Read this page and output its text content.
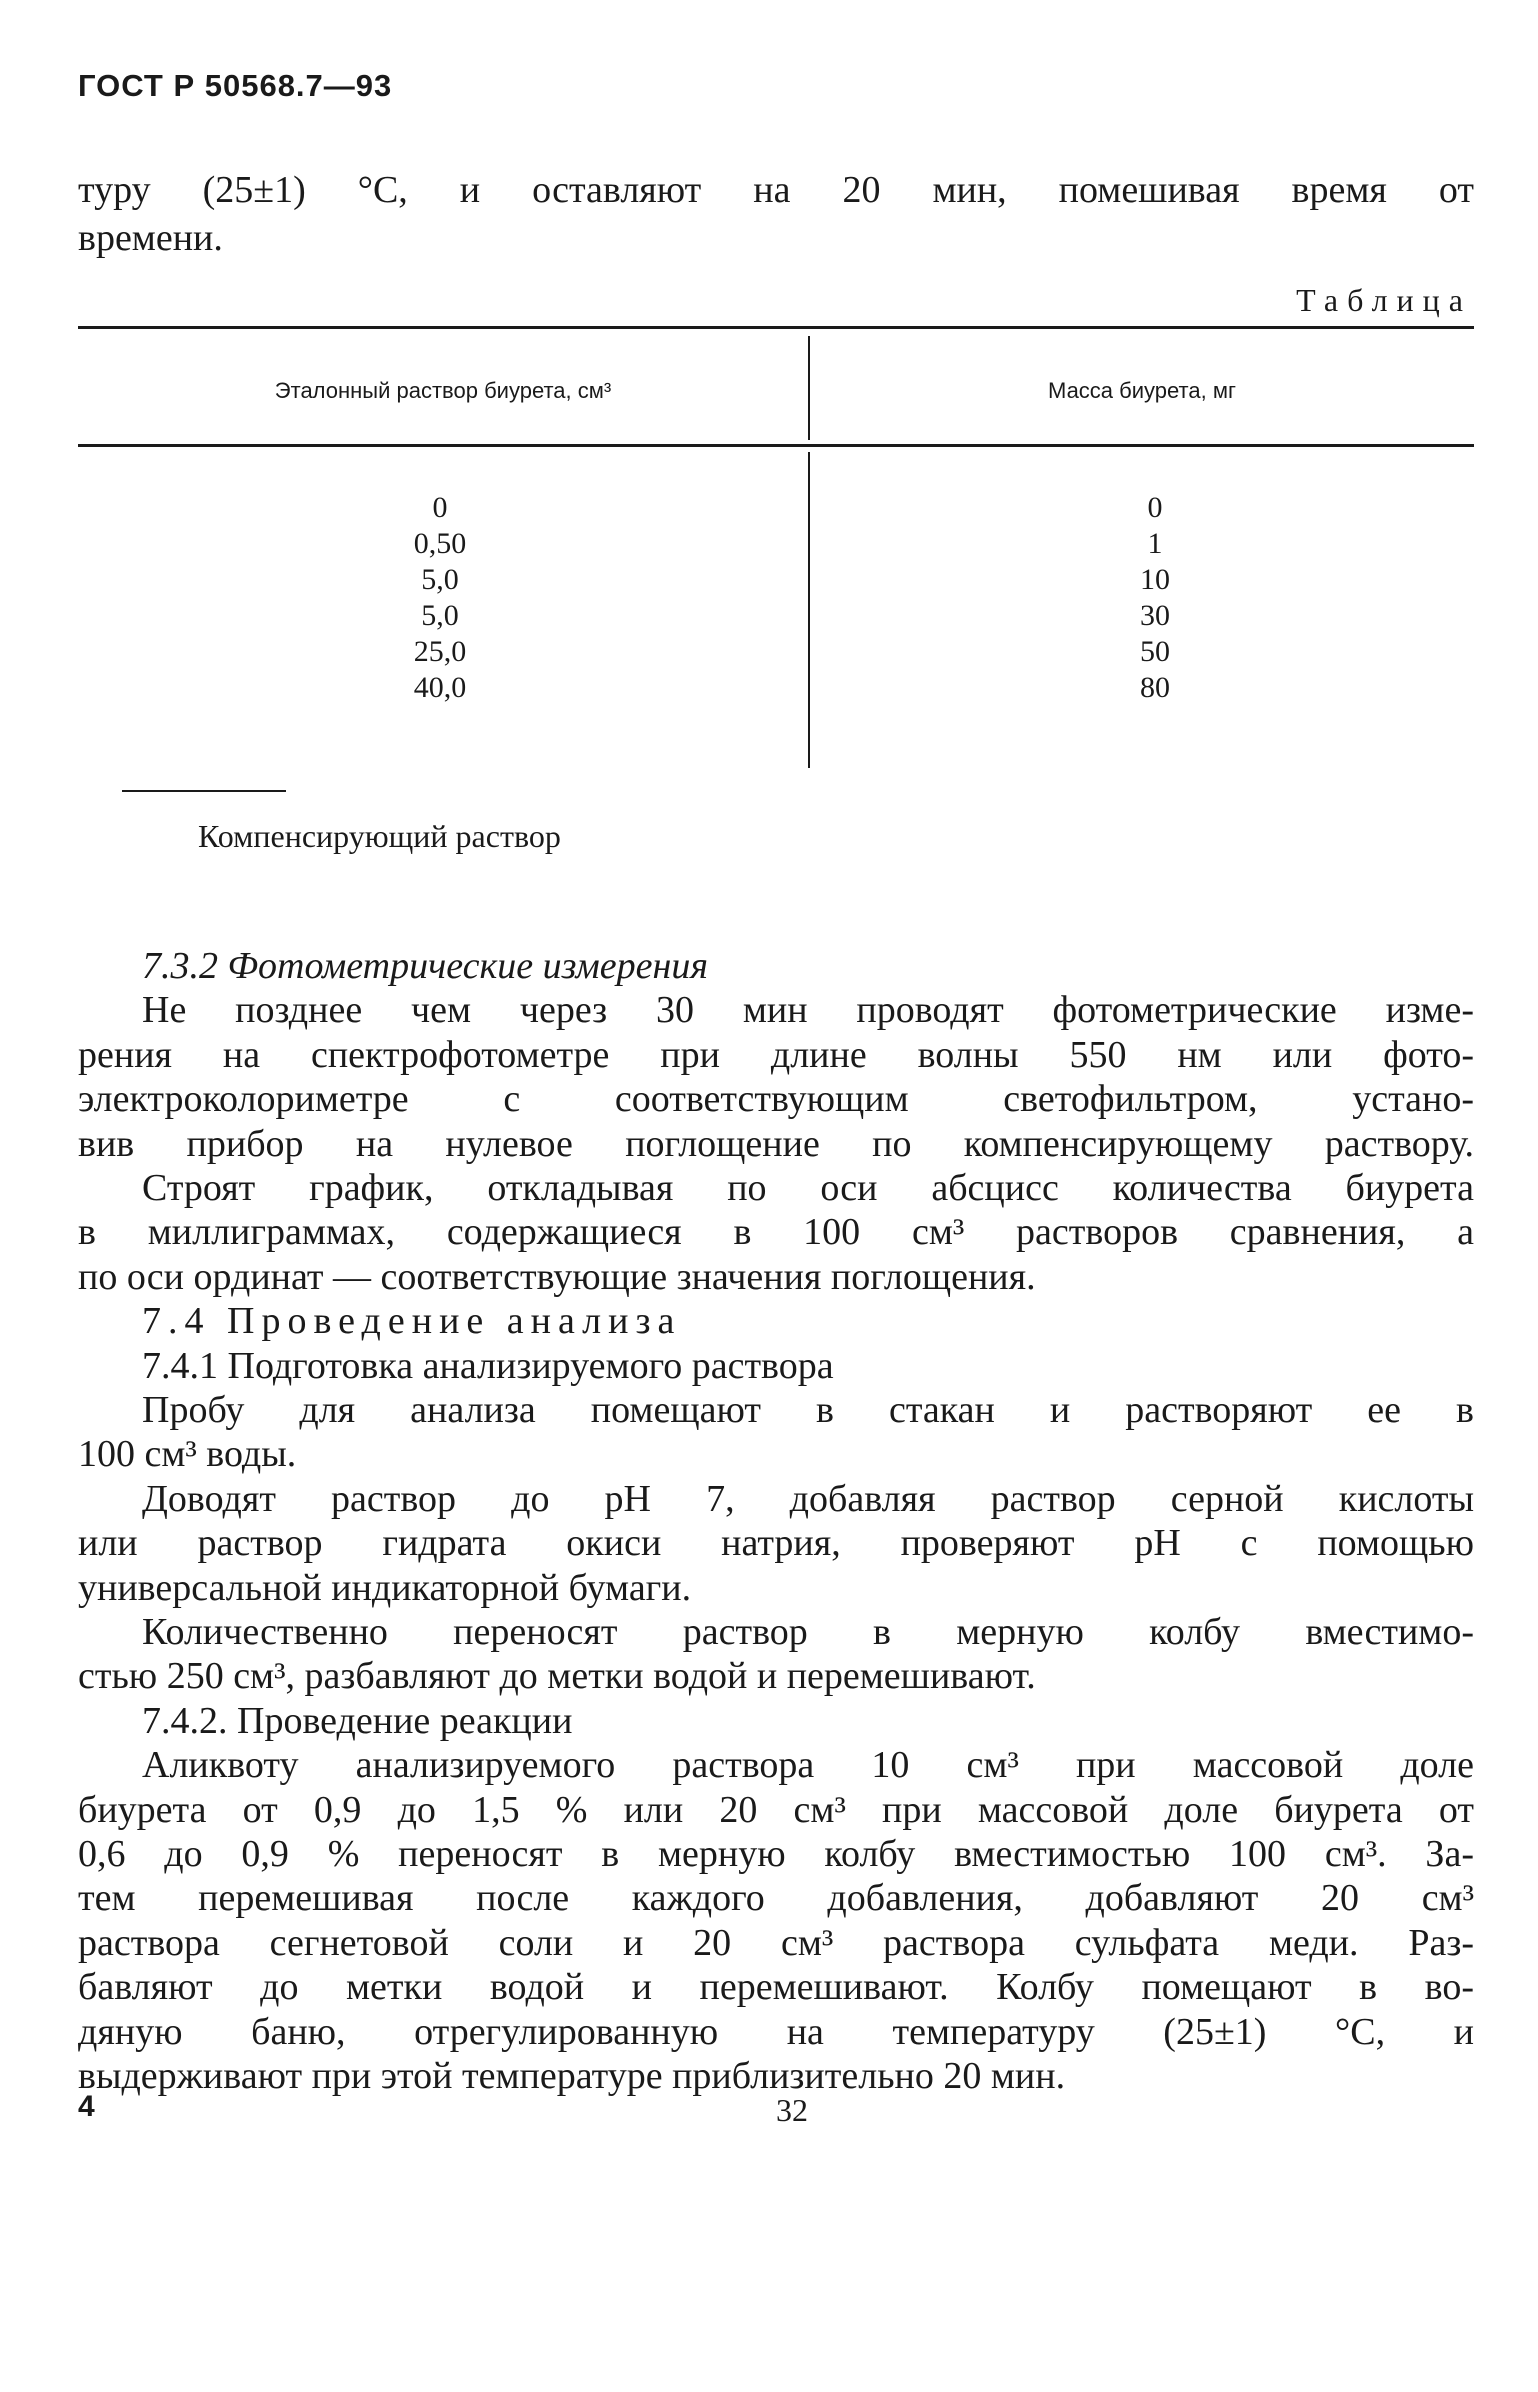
ГОСТ Р 50568.7—93
туру (25±1) °С, и оставляют на 20 мин, помешивая время от
времени.
Таблица
Эталонный раствор биурета, см³	Масса биурета, мг
0
0,50
5,0
5,0
25,0
40,0
0
1
10
30
50
80
Компенсирующий раствор
7.3.2 Фотометрические измерения
Не позднее чем через 30 мин проводят фотометрические изме-
рения на спектрофотометре при длине волны 550 нм или фото-
электроколориметре с соответствующим светофильтром, устано-
вив прибор на нулевое поглощение по компенсирующему раствору.
Строят график, откладывая по оси абсцисс количества биурета
в миллиграммах, содержащиеся в 100 см³ растворов сравнения, а
по оси ординат — соответствующие значения поглощения.
7.4 Проведение анализа
7.4.1 Подготовка анализируемого раствора
Пробу для анализа помещают в стакан и растворяют ее в
100 см³ воды.
Доводят раствор до pH 7, добавляя раствор серной кислоты
или раствор гидрата окиси натрия, проверяют pH с помощью
универсальной индикаторной бумаги.
Количественно переносят раствор в мерную колбу вместимо-
стью 250 см³, разбавляют до метки водой и перемешивают.
7.4.2. Проведение реакции
Аликвоту анализируемого раствора 10 см³ при массовой доле
биурета от 0,9 до 1,5 % или 20 см³ при массовой доле биурета от
0,6 до 0,9 % переносят в мерную колбу вместимостью 100 см³. За-
тем перемешивая после каждого добавления, добавляют 20 см³
раствора сегнетовой соли и 20 см³ раствора сульфата меди. Раз-
бавляют до метки водой и перемешивают. Колбу помещают в во-
дяную баню, отрегулированную на температуру (25±1) °С, и
выдерживают при этой температуре приблизительно 20 мин.
4	32
